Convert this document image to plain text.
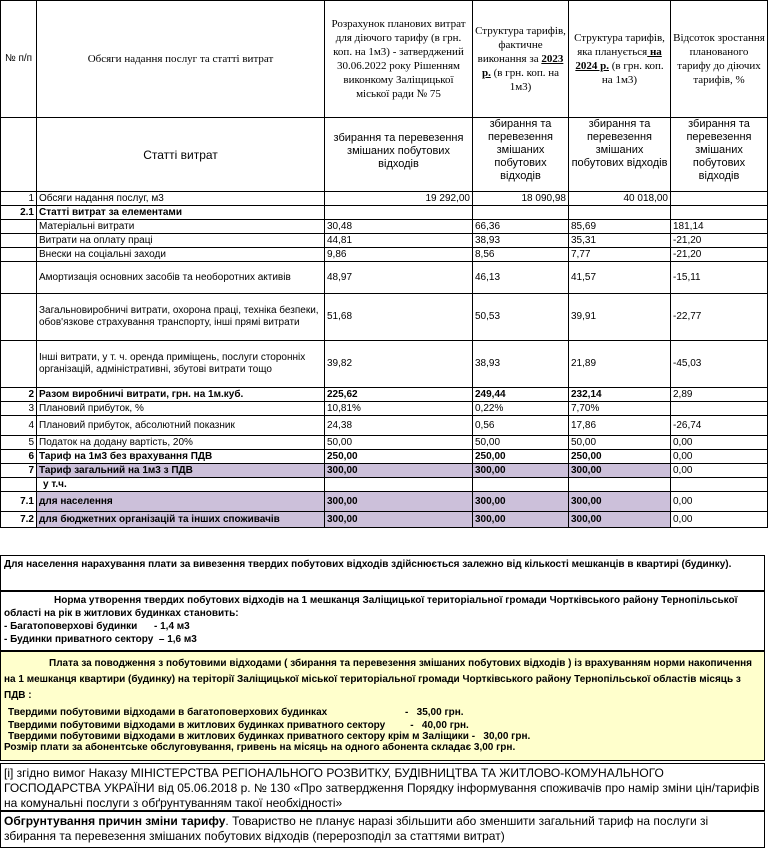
№ п/п	Обсяги надання послуг та статті витрат	Розрахунок планових витрат для діючого тарифу (в грн. коп. на 1м3) - затверджений 30.06.2022 року Рішенням виконкому Заліщицької міської ради № 75	Структура тарифів, фактичне виконання за 2023 р. (в грн. коп. на 1м3)	Структура тарифів, яка планується на 2024 р. (в грн. коп. на 1м3)	Відсоток зростання планованого тарифу до діючих тарифів, %
	Статті витрат	збирання та перевезення змішаних побутових відходів	збирання та перевезення змішаних побутових відходів	збирання та перевезення змішаних побутових відходів	збирання та перевезення змішаних побутових відходів
1	Обсяги надання послуг, м3	19 292,00	18 090,98	40 018,00	
2.1	Статті витрат за елементами				
	Матеріальні витрати	30,48	66,36	85,69	181,14
	Витрати на оплату праці	44,81	38,93	35,31	-21,20
	Внески на соціальні заходи	9,86	8,56	7,77	-21,20
	Амортизація основних засобів та необоротних активів	48,97	46,13	41,57	-15,11
	Загальновиробничі витрати, охорона праці, техніка безпеки, обов'язкове страхування транспорту, інші прямі витрати	51,68	50,53	39,91	-22,77
	Інші витрати, у т. ч. оренда приміщень, послуги сторонніх організацій, адміністративні, збутові витрати тощо	39,82	38,93	21,89	-45,03
2	Разом виробничі витрати, грн. на 1м.куб.	225,62	249,44	232,14	2,89
3	Плановий прибуток, %	10,81%	0,22%	7,70%	
4	Плановий прибуток, абсолютний показник	24,38	0,56	17,86	-26,74
5	Податок на додану вартість, 20%	50,00	50,00	50,00	0,00
6	Тариф на 1м3 без врахування ПДВ	250,00	250,00	250,00	0,00
7	Тариф загальний на 1м3 з ПДВ	300,00	300,00	300,00	0,00
	у т.ч.				
7.1	для населення	300,00	300,00	300,00	0,00
7.2	для бюджетних організацій та інших споживачів	300,00	300,00	300,00	0,00
Для населення нарахування плати за вивезення твердих побутових відходів здійснюється залежно від кількості мешканців в квартирі (будинку).

Норма утворення твердих побутових відходів на 1 мешканця Заліщицької територіальної громади Чортківського району Тернопільської області на рік в житлових будинках становить:

- Багатоповерхові будинки      - 1,4 м3

- Будинки приватного сектору  – 1,6 м3

Плата за поводження з побутовими відходами ( збирання та перевезення змішаних побутових відходів ) із врахуванням норми накопичення на 1 мешканця квартири (будинку) на теріторії Заліщицької міської територіальної громади Чортківського району Тернопільської областів місяць з ПДВ :

Твердими побутовими відходами в багатоповерхових будинках                            -   35,00 грн.

Твердими побутовими відходами в житлових будинках приватного сектору         -   40,00 грн.

Твердими побутовими відходами в житлових будинках приватного сектору крім м Заліщики -   30,00 грн.

Розмір плати за абонентське обслуговування, гривень на місяць на одного абонента складає 3,00 грн.

[i] згідно вимог Наказу МІНІСТЕРСТВА РЕГІОНАЛЬНОГО РОЗВИТКУ, БУДІВНИЦТВА ТА ЖИТЛОВО-КОМУНАЛЬНОГО ГОСПОДАРСТВА УКРАЇНИ від 05.06.2018 р. № 130 «Про затвердження Порядку інформування споживачів про намір зміни цін/тарифів на комунальні послуги з обґрунтуванням такої необхідності»
Обгрунтування причин зміни тарифу. Товариство не планує наразі збільшити або зменшити загальний тариф на послуги зі збирання та перевезення змішаних побутових відходів (перерозподіл за статтями витрат)
